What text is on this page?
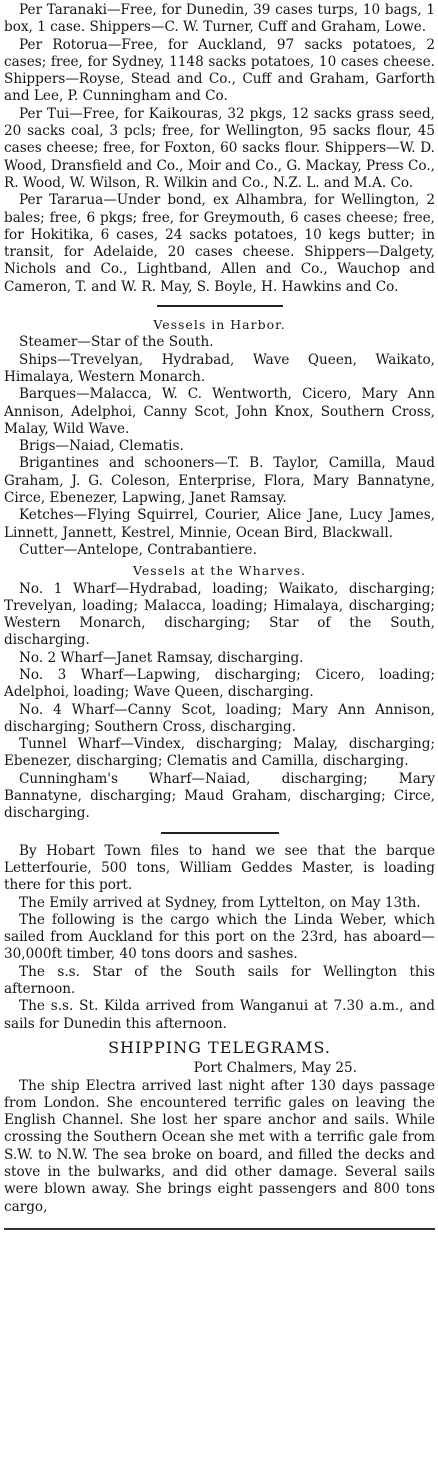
Per Taranaki—Free, for Dunedin, 39 cases turps, 10 bags, 1 box, 1 case. Shippers—C. W. Turner, Cuff and Graham, Lowe.

Per Rotorua—Free, for Auckland, 97 sacks potatoes, 2 cases; free, for Sydney, 1148 sacks potatoes, 10 cases cheese. Shippers—Royse, Stead and Co., Cuff and Graham, Garforth and Lee, P. Cunningham and Co.

Per Tui—Free, for Kaikouras, 32 pkgs, 12 sacks grass seed, 20 sacks coal, 3 pcls; free, for Wellington, 95 sacks flour, 45 cases cheese; free, for Foxton, 60 sacks flour. Shippers—W. D. Wood, Dransfield and Co., Moir and Co., G. Mackay, Press Co., R. Wood, W. Wilson, R. Wilkin and Co., N.Z. L. and M.A. Co.

Per Tararua—Under bond, ex Alhambra, for Wellington, 2 bales; free, 6 pkgs; free, for Greymouth, 6 cases cheese; free, for Hokitika, 6 cases, 24 sacks potatoes, 10 kegs butter; in transit, for Adelaide, 20 cases cheese. Shippers—Dalgety, Nichols and Co., Lightband, Allen and Co., Wauchop and Cameron, T. and W. R. May, S. Boyle, H. Hawkins and Co.

Vessels in Harbor.

Steamer—Star of the South.

Ships—Trevelyan, Hydrabad, Wave Queen, Waikato, Himalaya, Western Monarch.

Barques—Malacca, W. C. Wentworth, Cicero, Mary Ann Annison, Adelphoi, Canny Scot, John Knox, Southern Cross, Malay, Wild Wave.

Brigs—Naiad, Clematis.

Brigantines and schooners—T. B. Taylor, Camilla, Maud Graham, J. G. Coleson, Enterprise, Flora, Mary Bannatyne, Circe, Ebenezer, Lapwing, Janet Ramsay.

Ketches—Flying Squirrel, Courier, Alice Jane, Lucy James, Linnett, Jannett, Kestrel, Minnie, Ocean Bird, Blackwall.

Cutter—Antelope, Contrabantiere.

Vessels at the Wharves.

No. 1 Wharf—Hydrabad, loading; Waikato, discharging; Trevelyan, loading; Malacca, loading; Himalaya, discharging; Western Monarch, discharging; Star of the South, discharging.

No. 2 Wharf—Janet Ramsay, discharging.

No. 3 Wharf—Lapwing, discharging; Cicero, loading; Adelphoi, loading; Wave Queen, discharging.

No. 4 Wharf—Canny Scot, loading; Mary Ann Annison, discharging; Southern Cross, discharging.

Tunnel Wharf—Vindex, discharging; Malay, discharging; Ebenezer, discharging; Clematis and Camilla, discharging.

Cunningham's Wharf—Naiad, discharging; Mary Bannatyne, discharging; Maud Graham, discharging; Circe, discharging.

By Hobart Town files to hand we see that the barque Letterfourie, 500 tons, William Geddes Master, is loading there for this port.

The Emily arrived at Sydney, from Lyttelton, on May 13th.

The following is the cargo which the Linda Weber, which sailed from Auckland for this port on the 23rd, has aboard—30,000ft timber, 40 tons doors and sashes.

The s.s. Star of the South sails for Wellington this afternoon.

The s.s. St. Kilda arrived from Wanganui at 7.30 a.m., and sails for Dunedin this afternoon.

SHIPPING TELEGRAMS.

Port Chalmers, May 25.

The ship Electra arrived last night after 130 days passage from London. She encountered terrific gales on leaving the English Channel. She lost her spare anchor and sails. While crossing the Southern Ocean she met with a terrific gale from S.W. to N.W. The sea broke on board, and filled the decks and stove in the bulwarks, and did other damage. Several sails were blown away. She brings eight passengers and 800 tons cargo,
